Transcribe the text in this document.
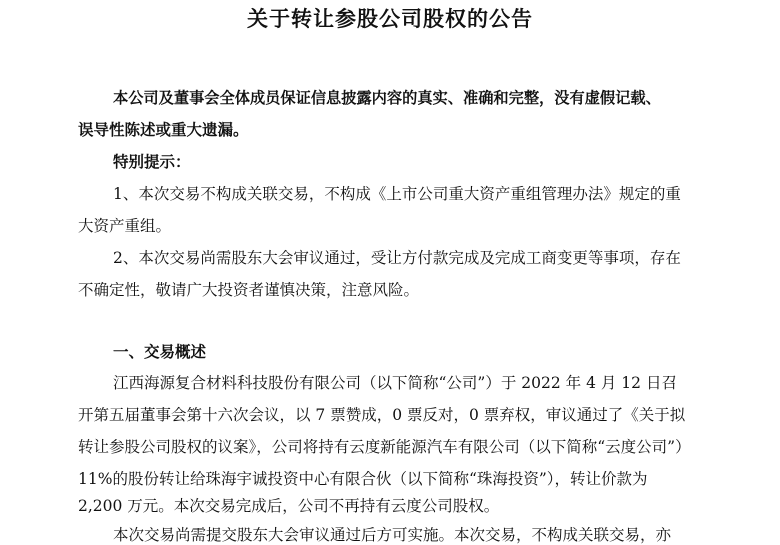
关于转让参股公司股权的公告
本公司及董事会全体成员保证信息披露内容的真实、准确和完整，没有虚假记载、
误导性陈述或重大遗漏。
特别提示：
1、本次交易不构成关联交易，不构成《上市公司重大资产重组管理办法》规定的重
大资产重组。
2、本次交易尚需股东大会审议通过，受让方付款完成及完成工商变更等事项，存在
不确定性，敬请广大投资者谨慎决策，注意风险。
一、交易概述
江西海源复合材料科技股份有限公司（以下简称“公司”）于 2022 年 4 月 12 日召
开第五届董事会第十六次会议，以 7 票赞成，0 票反对，0 票弃权，审议通过了《关于拟
转让参股公司股权的议案》，公司将持有云度新能源汽车有限公司（以下简称“云度公司”）
11%的股份转让给珠海宇诚投资中心有限合伙（以下简称“珠海投资”），转让价款为
2,200 万元。本次交易完成后，公司不再持有云度公司股权。
本次交易尚需提交股东大会审议通过后方可实施。本次交易，不构成关联交易，亦
